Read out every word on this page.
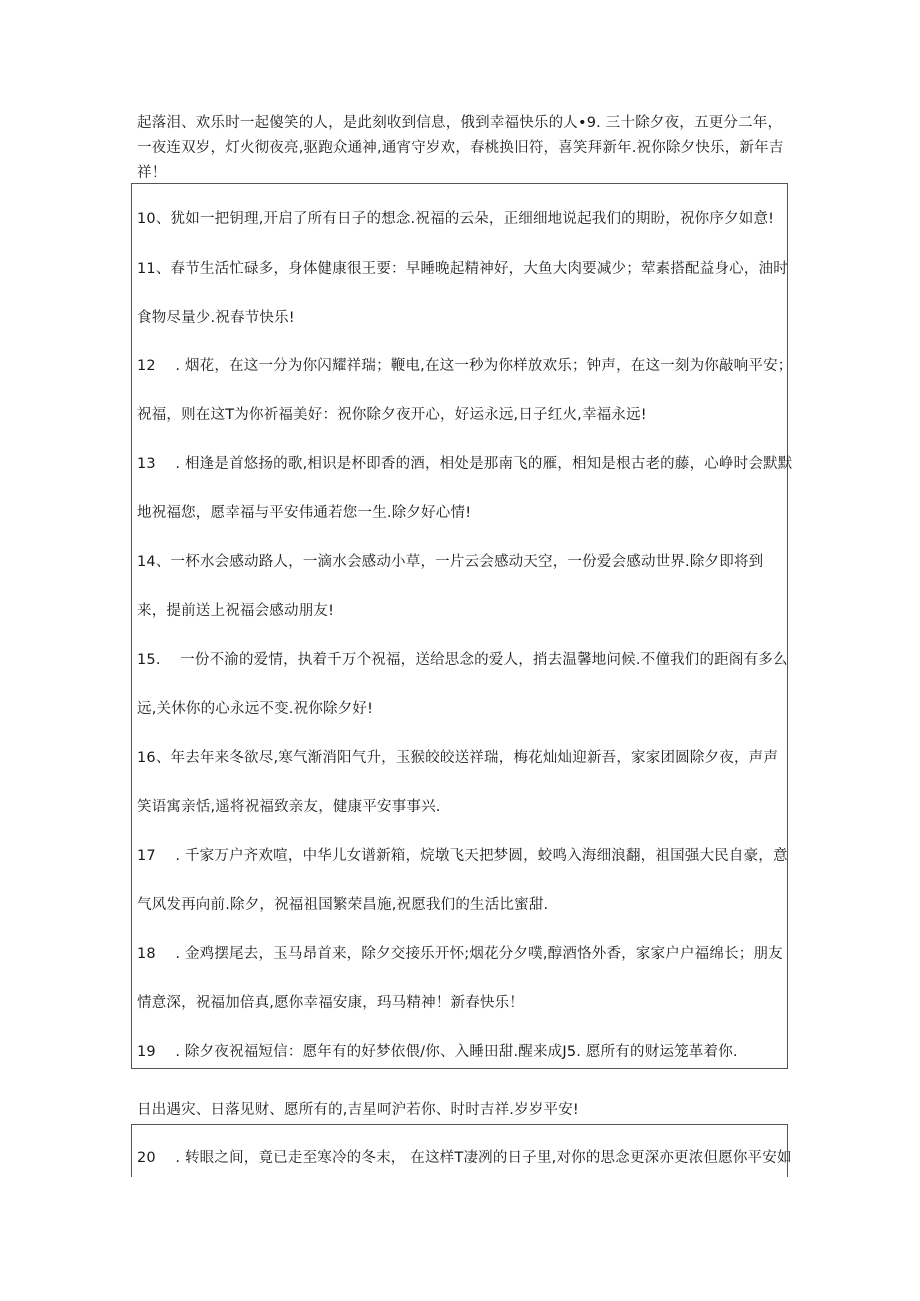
起落泪、欢乐时一起傻笑的人，是此刻收到信息，俄到幸福快乐的人•9. 三十除夕夜，五更分二年，
一夜连双岁，灯火彻夜亮,驱跑众通神,通宵守岁欢，春桃换旧符，喜笑拜新年.祝你除夕快乐，新年吉
祥！
10、犹如一把钥理,开启了所有日子的想念.祝福的云朵，正细细地说起我们的期盼，祝你序夕如意!
11、春节生活忙碌多，身体健康很王要：早睡晚起精神好，大鱼大肉要减少；荤素搭配益身心，油时
食物尽量少.祝春节快乐!
12 　. 烟花，在这一分为你闪耀祥瑞；鞭电,在这一秒为你样放欢乐；钟声，在这一刻为你敲响平安；
祝福，则在这T为你祈福美好：祝你除夕夜开心，好运永远,日子红火,幸福永远!
13 　. 相逢是首悠扬的歌,相识是杯即香的酒，相处是那南飞的雁，相知是根古老的藤，心峥时会默默
地祝福您，愿幸福与平安伟通若您一生.除夕好心情!
14、一杯水会感动路人，一滴水会感动小草，一片云会感动天空，一份爱会感动世界.除夕即将到
来，提前送上祝福会感动朋友!
15.　 一份不渝的爱情，执着千万个祝福，送给思念的爱人，捎去温馨地问候.不僮我们的距阁有多么
远,关休你的心永远不变.祝你除夕好!
16、年去年来冬欲尽,寒气渐消阳气升，玉猴皎皎送祥瑞，梅花灿灿迎新吾，家家团圆除夕夜，声声
笑语寓亲恬,遥将祝福致亲友，健康平安事事兴.
17 　. 千家万户齐欢喧，中华儿女谱新箱，烷墩飞天把梦圆，蛟鸣入海细浪翻，祖国强大民自豪，意
气风发再向前.除夕，祝福祖国繁荣昌施,祝愿我们的生活比蜜甜.
18 　. 金鸡摆尾去，玉马昂首来，除夕交接乐开怀;烟花分夕噗,醇酒恪外香，家家户户福绵长；朋友
情意深，祝福加倍真,愿你幸福安康，玛马精神！新春快乐！
19 　. 除夕夜祝福短信：愿年有的好梦依偎/你、入睡田甜.醒来成J5. 愿所有的财运笼革着你.
日出遇灾、日落见财、愿所有的,吉星呵沪若你、时时吉祥.岁岁平安!
20 　. 转眼之间，竟已走至寒冷的冬末， 在这样T凄冽的日子里,对你的思念更深亦更浓但愿你平安如
